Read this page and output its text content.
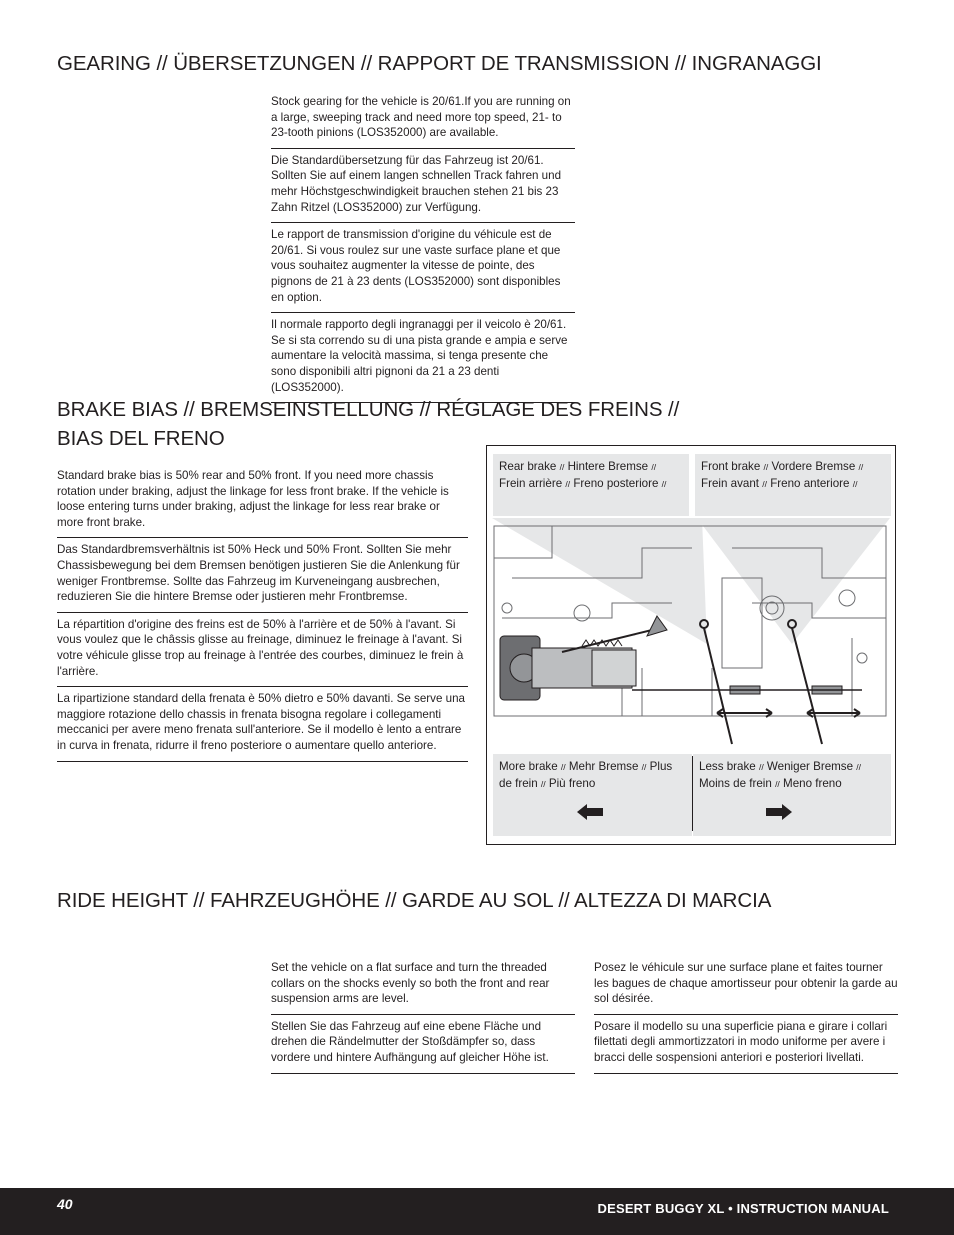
GEARING // ÜBERSETZUNGEN // RAPPORT DE TRANSMISSION // INGRANAGGI

Stock gearing for the vehicle is 20/61.If you are running on a large, sweeping track and need more top speed, 21- to 23-tooth pinions (LOS352000) are available.

Die Standardübersetzung für das Fahrzeug ist 20/61. Sollten Sie auf einem langen schnellen Track fahren und mehr Höchstgeschwindigkeit brauchen stehen 21 bis 23 Zahn Ritzel (LOS352000) zur Verfügung.

Le rapport de transmission d'origine du véhicule est de 20/61. Si vous roulez sur une vaste surface plane et que vous souhaitez augmenter la vitesse de pointe, des pignons de 21 à 23 dents (LOS352000) sont disponibles en option.

Il normale rapporto degli ingranaggi per il veicolo è 20/61. Se si sta correndo su di una pista grande e ampia e serve aumentare la velocità massima, si tenga presente che sono disponibili altri pignoni da 21 a 23 denti (LOS352000).

BRAKE BIAS // BREMSEINSTELLUNG // RÉGLAGE DES FREINS //
BIAS DEL FRENO

Standard brake bias is 50% rear and 50% front. If you need more chassis rotation under braking, adjust the linkage for less front brake. If the vehicle is loose entering turns under braking, adjust the linkage for less rear brake or more front brake.

Das Standardbremsverhältnis ist 50% Heck und 50% Front. Sollten Sie mehr Chassisbewegung bei dem Bremsen benötigen justieren Sie die Anlenkung für weniger Frontbremse. Sollte das Fahrzeug im Kurveneingang ausbrechen, reduzieren Sie die hintere Bremse oder justieren mehr Frontbremse.

La répartition d'origine des freins est de 50% à l'arrière et de 50% à l'avant. Si vous voulez que le châssis glisse au freinage, diminuez le freinage à l'avant. Si votre véhicule glisse trop au freinage à l'entrée des courbes, diminuez le frein à l'arrière.

La ripartizione standard della frenata è 50% dietro e 50% davanti. Se serve una maggiore rotazione dello chassis in frenata bisogna regolare i collegamenti meccanici per avere meno frenata sull'anteriore. Se il modello è lento a entrare in curva in frenata, ridurre il freno posteriore o aumentare quello anteriore.

Rear brake // Hintere Bremse //
Frein arrière // Freno posteriore //
Front brake // Vordere Bremse //
Frein avant // Freno anteriore //
More brake // Mehr Bremse // Plus de frein // Più freno
Less brake // Weniger Bremse //
Moins de frein // Meno freno
RIDE HEIGHT // FAHRZEUGHÖHE // GARDE AU SOL // ALTEZZA DI MARCIA

Set the vehicle on a flat surface and turn the threaded collars on the shocks evenly so both the front and rear suspension arms are level.

Stellen Sie das Fahrzeug auf eine ebene Fläche und drehen die Rändelmutter der Stoßdämpfer so, dass vordere und hintere Aufhängung auf gleicher Höhe ist.

Posez le véhicule sur une surface plane et faites tourner les bagues de chaque amortisseur pour obtenir la garde au sol désirée.

Posare il modello su una superficie piana e girare i collari filettati degli ammortizzatori in modo uniforme per avere i bracci delle sospensioni anteriori e posteriori livellati.

40	DESERT BUGGY XL • INSTRUCTION MANUAL
